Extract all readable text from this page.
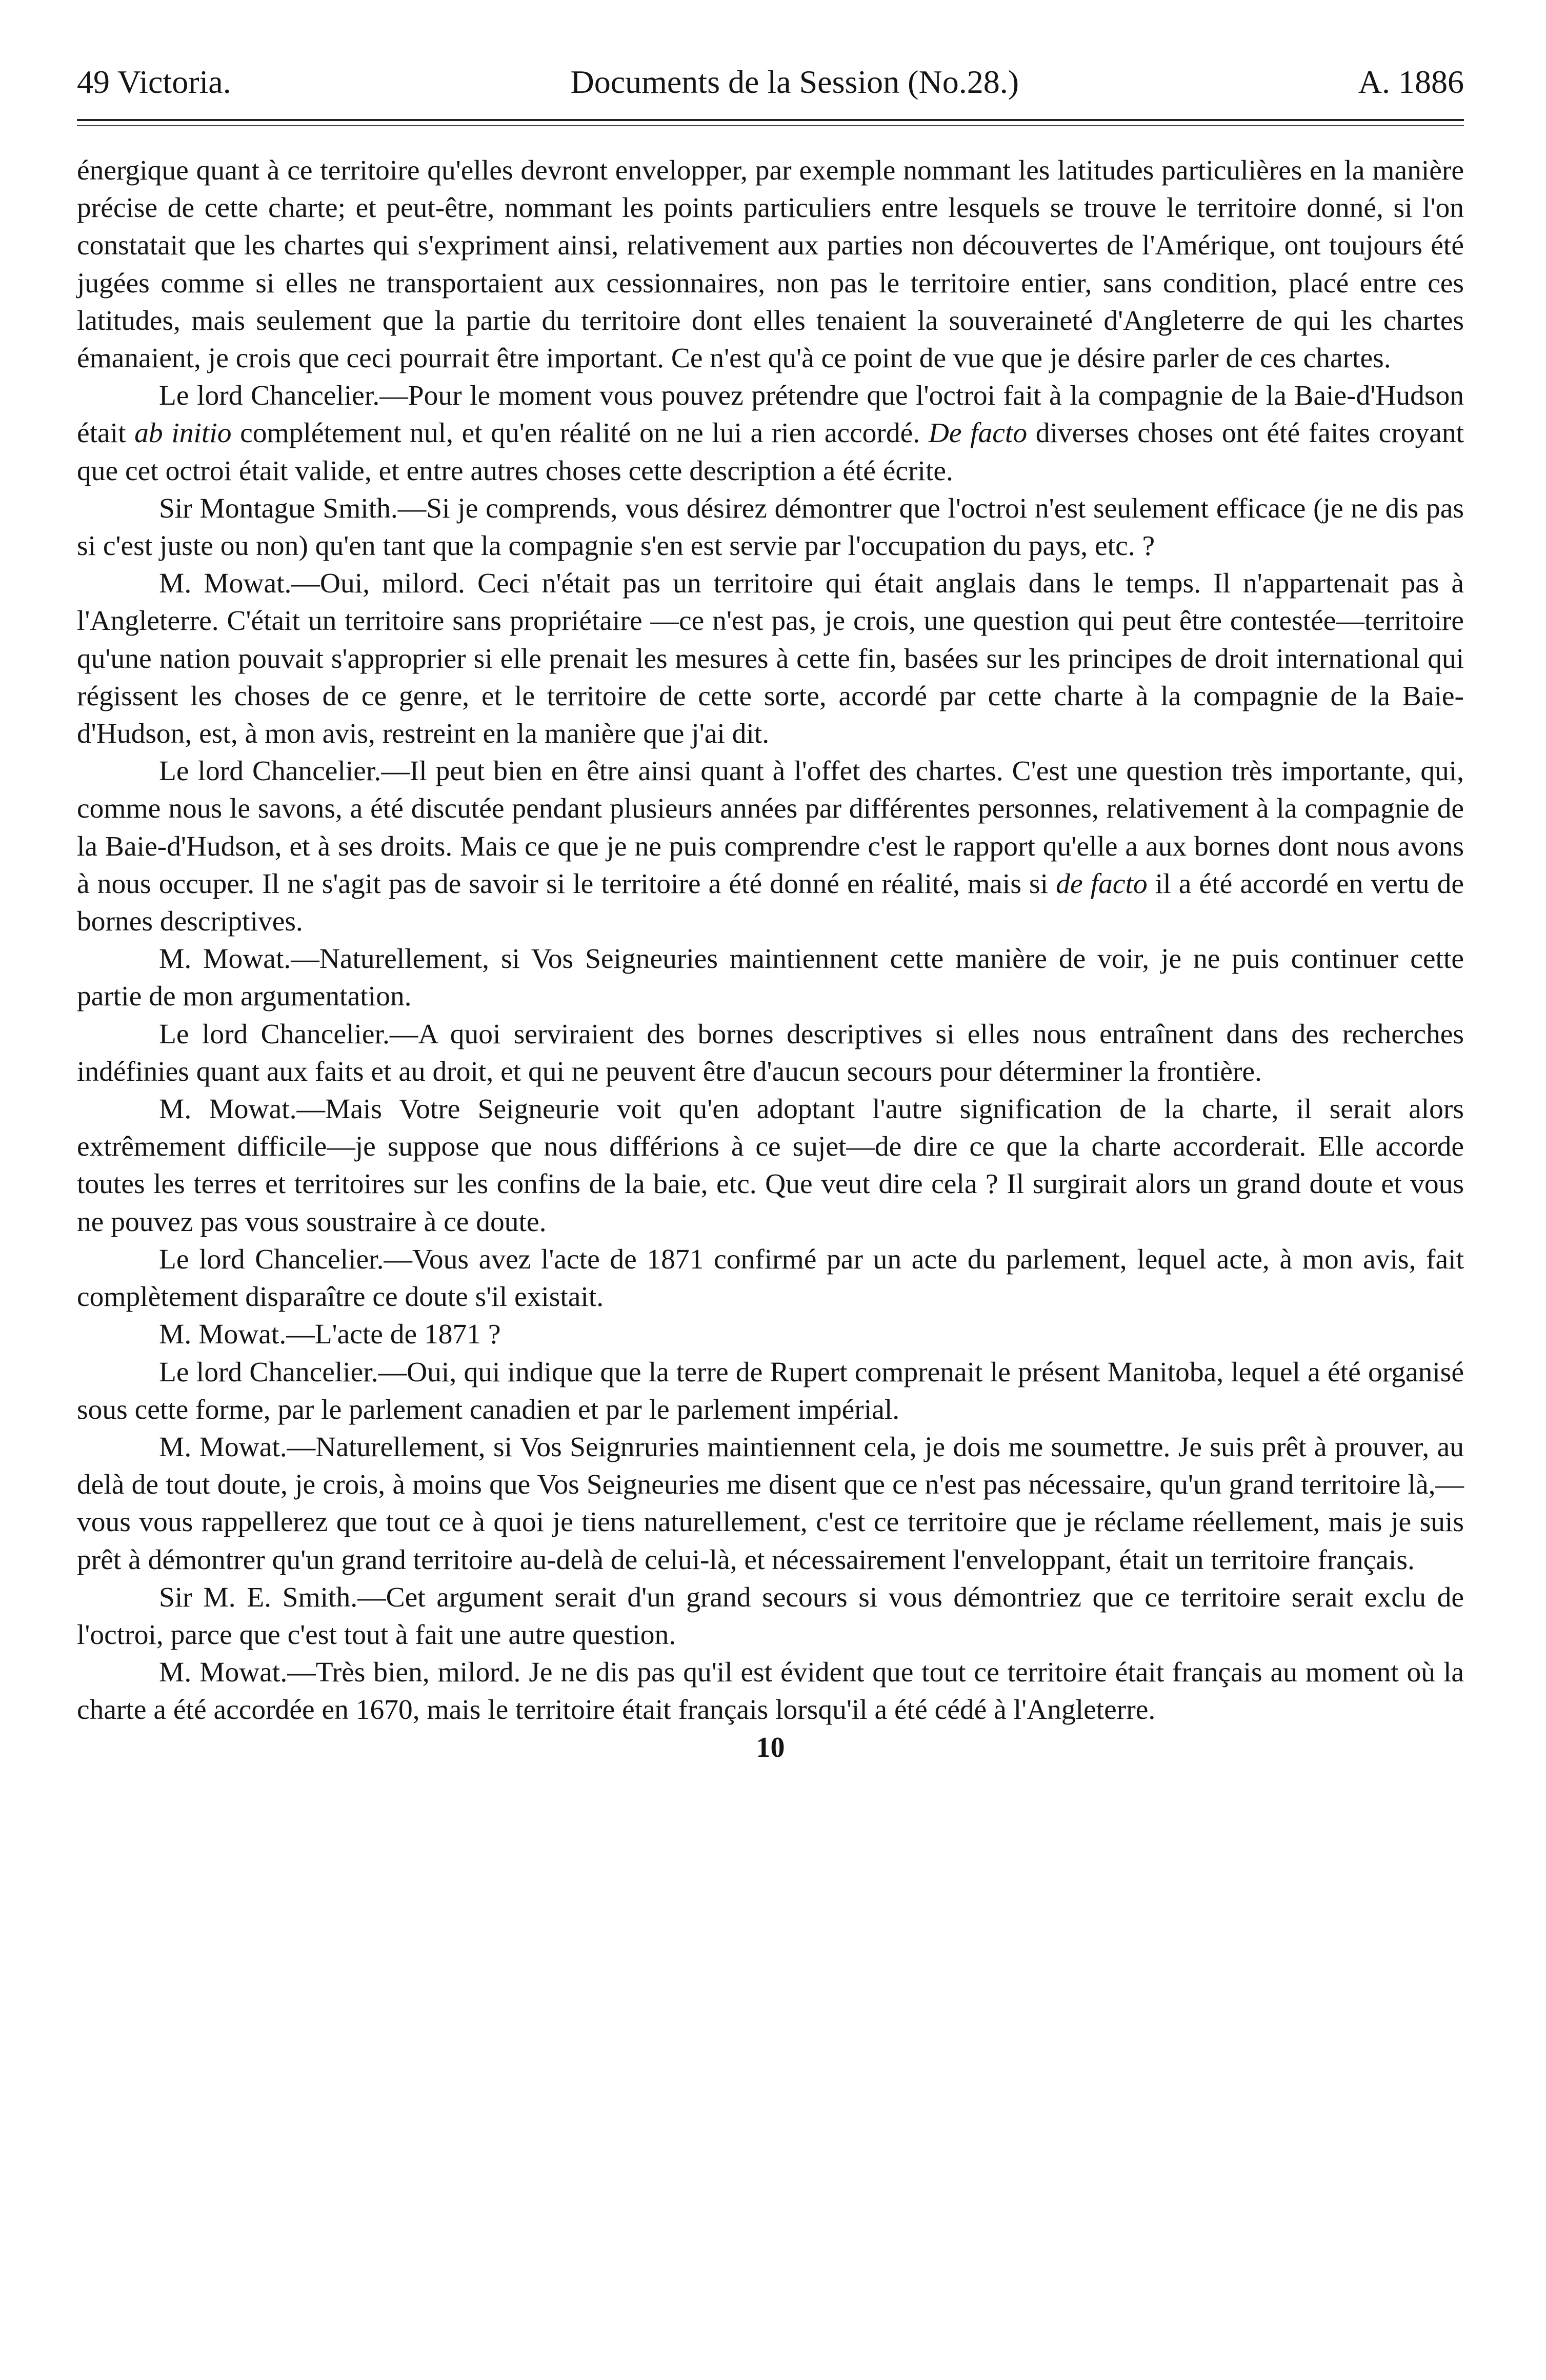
49 Victoria.	Documents de la Session (No.28.)	A. 1886

énergique quant à ce territoire qu'elles devront envelopper, par exemple nommant les latitudes particulières en la manière précise de cette charte; et peut-être, nommant les points particuliers entre lesquels se trouve le territoire donné, si l'on constatait que les chartes qui s'expriment ainsi, relativement aux parties non découvertes de l'Amérique, ont toujours été jugées comme si elles ne transportaient aux cessionnaires, non pas le territoire entier, sans condition, placé entre ces latitudes, mais seulement que la partie du territoire dont elles tenaient la souveraineté d'Angleterre de qui les chartes émanaient, je crois que ceci pourrait être important. Ce n'est qu'à ce point de vue que je désire parler de ces chartes.

Le lord Chancelier.—Pour le moment vous pouvez prétendre que l'octroi fait à la compagnie de la Baie-d'Hudson était ab initio complétement nul, et qu'en réalité on ne lui a rien accordé. De facto diverses choses ont été faites croyant que cet octroi était valide, et entre autres choses cette description a été écrite.

Sir Montague Smith.—Si je comprends, vous désirez démontrer que l'octroi n'est seulement efficace (je ne dis pas si c'est juste ou non) qu'en tant que la compagnie s'en est servie par l'occupation du pays, etc. ?

M. Mowat.—Oui, milord. Ceci n'était pas un territoire qui était anglais dans le temps. Il n'appartenait pas à l'Angleterre. C'était un territoire sans propriétaire —ce n'est pas, je crois, une question qui peut être contestée—territoire qu'une nation pouvait s'approprier si elle prenait les mesures à cette fin, basées sur les principes de droit international qui régissent les choses de ce genre, et le territoire de cette sorte, accordé par cette charte à la compagnie de la Baie-d'Hudson, est, à mon avis, restreint en la manière que j'ai dit.

Le lord Chancelier.—Il peut bien en être ainsi quant à l'offet des chartes. C'est une question très importante, qui, comme nous le savons, a été discutée pendant plusieurs années par différentes personnes, relativement à la compagnie de la Baie-d'Hudson, et à ses droits. Mais ce que je ne puis comprendre c'est le rapport qu'elle a aux bornes dont nous avons à nous occuper. Il ne s'agit pas de savoir si le territoire a été donné en réalité, mais si de facto il a été accordé en vertu de bornes descriptives.

M. Mowat.—Naturellement, si Vos Seigneuries maintiennent cette manière de voir, je ne puis continuer cette partie de mon argumentation.

Le lord Chancelier.—A quoi serviraient des bornes descriptives si elles nous entraînent dans des recherches indéfinies quant aux faits et au droit, et qui ne peuvent être d'aucun secours pour déterminer la frontière.

M. Mowat.—Mais Votre Seigneurie voit qu'en adoptant l'autre signification de la charte, il serait alors extrêmement difficile—je suppose que nous différions à ce sujet—de dire ce que la charte accorderait. Elle accorde toutes les terres et territoires sur les confins de la baie, etc. Que veut dire cela ? Il surgirait alors un grand doute et vous ne pouvez pas vous soustraire à ce doute.

Le lord Chancelier.—Vous avez l'acte de 1871 confirmé par un acte du parlement, lequel acte, à mon avis, fait complètement disparaître ce doute s'il existait.

M. Mowat.—L'acte de 1871 ?

Le lord Chancelier.—Oui, qui indique que la terre de Rupert comprenait le présent Manitoba, lequel a été organisé sous cette forme, par le parlement canadien et par le parlement impérial.

M. Mowat.—Naturellement, si Vos Seignruries maintiennent cela, je dois me soumettre. Je suis prêt à prouver, au delà de tout doute, je crois, à moins que Vos Seigneuries me disent que ce n'est pas nécessaire, qu'un grand territoire là,—vous vous rappellerez que tout ce à quoi je tiens naturellement, c'est ce territoire que je réclame réellement, mais je suis prêt à démontrer qu'un grand territoire au-delà de celui-là, et nécessairement l'enveloppant, était un territoire français.

Sir M. E. Smith.—Cet argument serait d'un grand secours si vous démontriez que ce territoire serait exclu de l'octroi, parce que c'est tout à fait une autre question.

M. Mowat.—Très bien, milord. Je ne dis pas qu'il est évident que tout ce territoire était français au moment où la charte a été accordée en 1670, mais le territoire était français lorsqu'il a été cédé à l'Angleterre.

10
